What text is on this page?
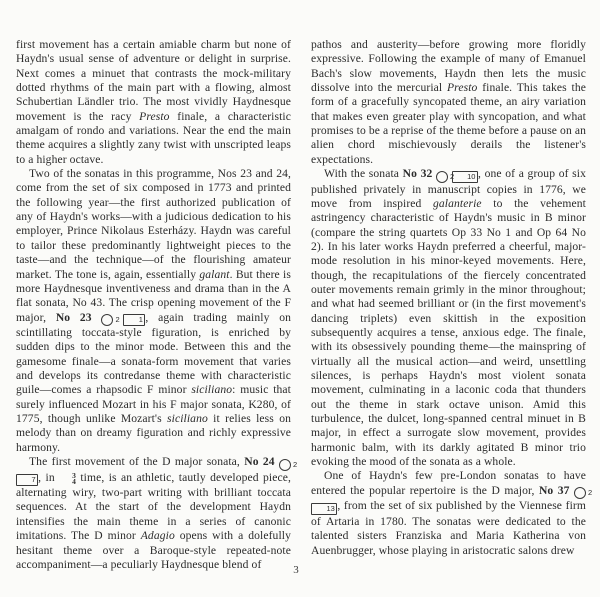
first movement has a certain amiable charm but none of Haydn's usual sense of adventure or delight in surprise. Next comes a minuet that contrasts the mock-military dotted rhythms of the main part with a flowing, almost Schubertian Ländler trio. The most vividly Haydnesque movement is the racy Presto finale, a characteristic amalgam of rondo and variations. Near the end the main theme acquires a slightly zany twist with unscripted leaps to a higher octave.

Two of the sonatas in this programme, Nos 23 and 24, come from the set of six composed in 1773 and printed the following year—the first authorized publication of any of Haydn's works—with a judicious dedication to his employer, Prince Nikolaus Esterházy. Haydn was careful to tailor these predominantly lightweight pieces to the taste—and the technique—of the flourishing amateur market. The tone is, again, essentially galant. But there is more Haydnesque inventiveness and drama than in the A flat sonata, No 43. The crisp opening movement of the F major, No 23	2	1 , again trading mainly on scintillating toccata-style figuration, is enriched by sudden dips to the minor mode. Between this and the gamesome finale—a sonata-form movement that varies and develops its contredanse theme with characteristic guile—comes a rhapsodic F minor siciliano: music that surely influenced Mozart in his F major sonata, K280, of 1775, though unlike Mozart's siciliano it relies less on melody than on dreamy figuration and richly expressive harmony.

The first movement of the D major sonata, No 24 2 7 , in	3
4 time, is an athletic, tautly developed piece, alternating wiry, two-part writing with brilliant toccata sequences. At the start of the development Haydn intensifies the main theme in a series of canonic imitations. The D minor Adagio opens with a dolefully hesitant theme over a Baroque-style repeated-note accompaniment—a peculiarly Haydnesque blend of

pathos and austerity—before growing more floridly expressive. Following the example of many of Emanuel Bach's slow movements, Haydn then lets the music dissolve into the mercurial Presto finale. This takes the form of a gracefully syncopated theme, an airy variation that makes even greater play with syncopation, and what promises to be a reprise of the theme before a pause on an alien chord mischievously derails the listener's expectations.

With the sonata No 32 2 10 , one of a group of six published privately in manuscript copies in 1776, we move from inspired galanterie to the vehement astringency characteristic of Haydn's music in B minor (compare the string quartets Op 33 No 1 and Op 64 No 2). In his later works Haydn preferred a cheerful, major-mode resolution in his minor-keyed movements. Here, though, the recapitulations of the fiercely concentrated outer movements remain grimly in the minor throughout; and what had seemed brilliant or (in the first movement's dancing triplets) even skittish in the exposition subsequently acquires a tense, anxious edge. The finale, with its obsessively pounding theme—the mainspring of virtually all the musical action—and weird, unsettling silences, is perhaps Haydn's most violent sonata movement, culminating in a laconic coda that thunders out the theme in stark octave unison. Amid this turbulence, the dulcet, long-spanned central minuet in B major, in effect a surrogate slow movement, provides harmonic balm, with its darkly agitated B minor trio evoking the mood of the sonata as a whole.

One of Haydn's few pre-London sonatas to have entered the popular repertoire is the D major, No 37 2 13 , from the set of six published by the Viennese firm of Artaria in 1780. The sonatas were dedicated to the talented sisters Franziska and Maria Katherina von Auenbrugger, whose playing in aristocratic salons drew

3
